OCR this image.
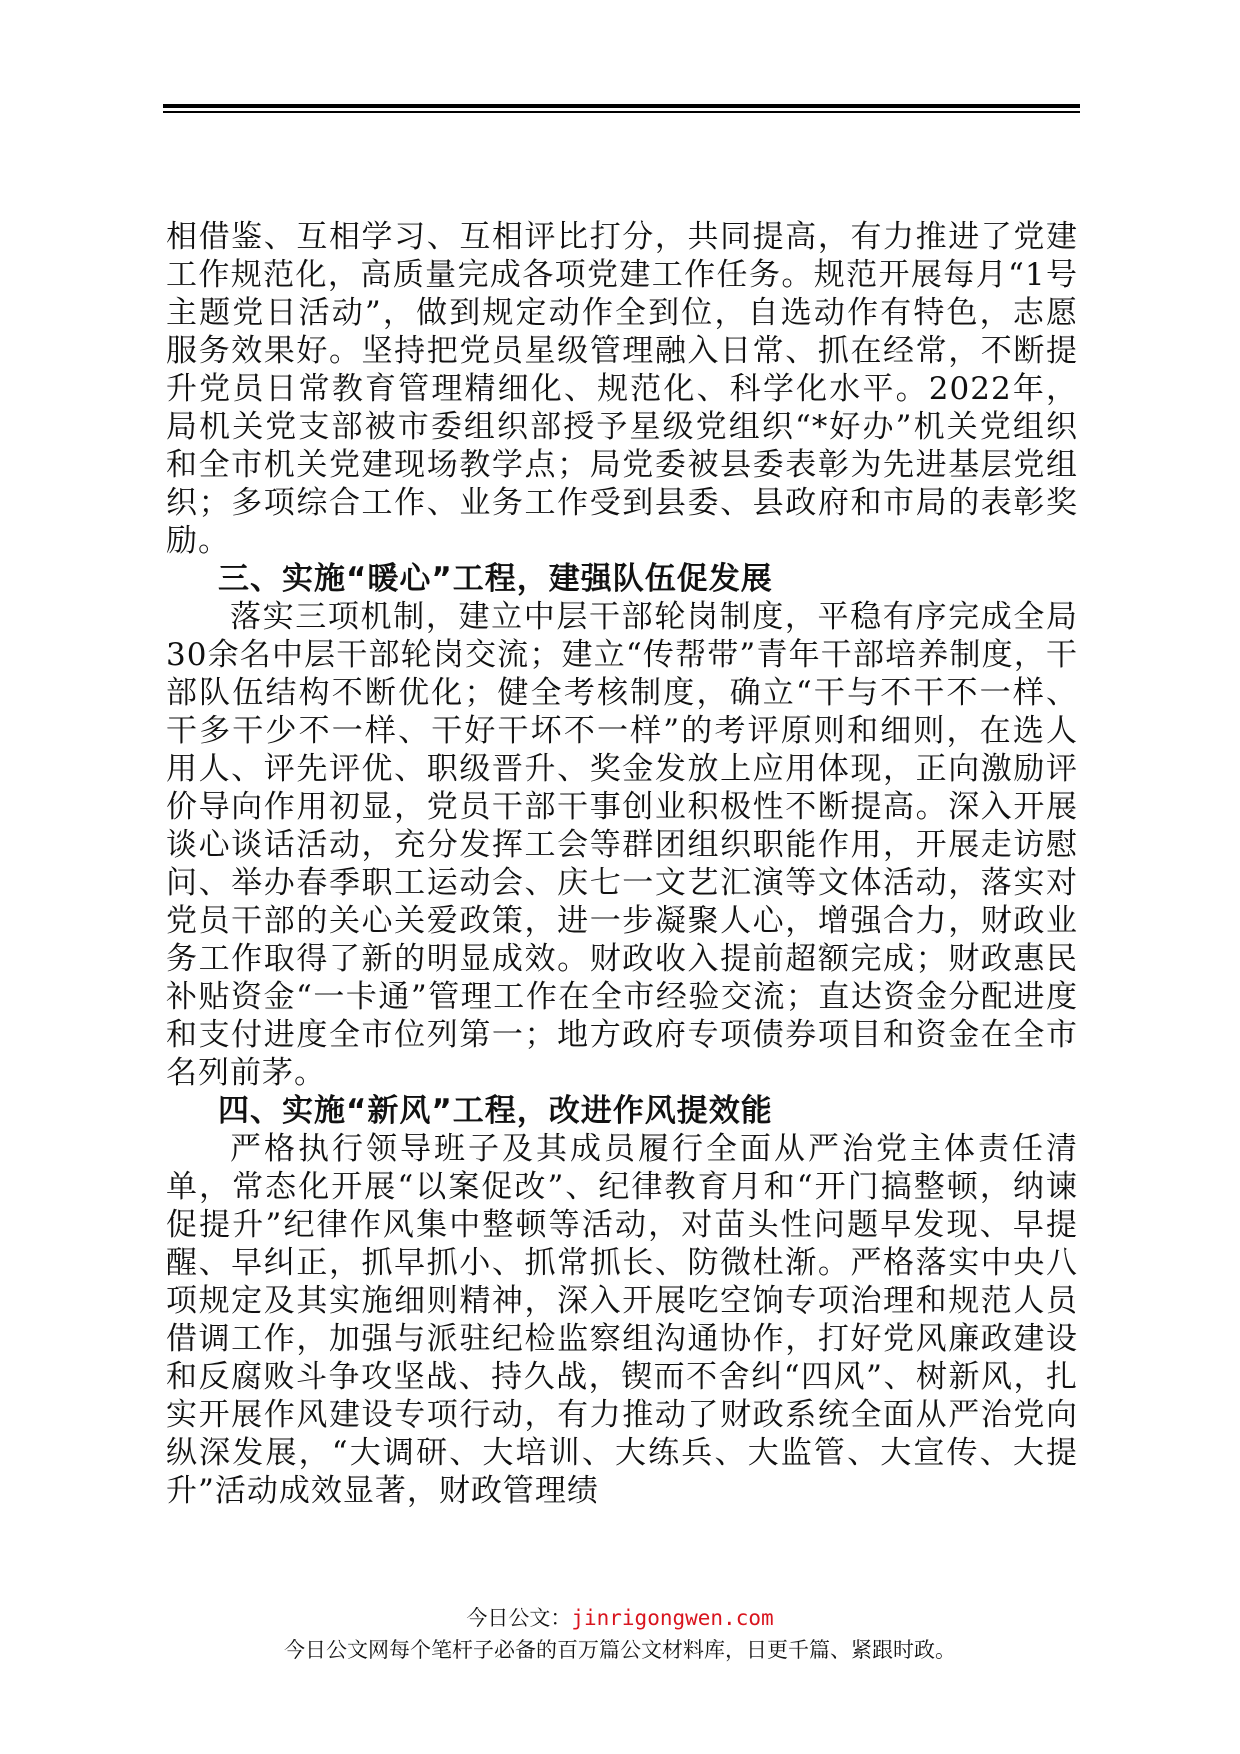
相借鉴、互相学习、互相评比打分，共同提高，有力推进了党建工作规范化，高质量完成各项党建工作任务。规范开展每月“1号主题党日活动”，做到规定动作全到位，自选动作有特色，志愿服务效果好。坚持把党员星级管理融入日常、抓在经常，不断提升党员日常教育管理精细化、规范化、科学化水平。2022年，局机关党支部被市委组织部授予星级党组织“*好办”机关党组织和全市机关党建现场教学点；局党委被县委表彰为先进基层党组织；多项综合工作、业务工作受到县委、县政府和市局的表彰奖励。

三、实施“暖心”工程，建强队伍促发展

落实三项机制，建立中层干部轮岗制度，平稳有序完成全局30余名中层干部轮岗交流；建立“传帮带”青年干部培养制度，干部队伍结构不断优化；健全考核制度，确立“干与不干不一样、干多干少不一样、干好干坏不一样”的考评原则和细则，在选人用人、评先评优、职级晋升、奖金发放上应用体现，正向激励评价导向作用初显，党员干部干事创业积极性不断提高。深入开展谈心谈话活动，充分发挥工会等群团组织职能作用，开展走访慰问、举办春季职工运动会、庆七一文艺汇演等文体活动，落实对党员干部的关心关爱政策，进一步凝聚人心，增强合力，财政业务工作取得了新的明显成效。财政收入提前超额完成；财政惠民补贴资金“一卡通”管理工作在全市经验交流；直达资金分配进度和支付进度全市位列第一；地方政府专项债券项目和资金在全市名列前茅。

四、实施“新风”工程，改进作风提效能

严格执行领导班子及其成员履行全面从严治党主体责任清单，常态化开展“以案促改”、纪律教育月和“开门搞整顿，纳谏促提升”纪律作风集中整顿等活动，对苗头性问题早发现、早提醒、早纠正，抓早抓小、抓常抓长、防微杜渐。严格落实中央八项规定及其实施细则精神，深入开展吃空饷专项治理和规范人员借调工作，加强与派驻纪检监察组沟通协作，打好党风廉政建设和反腐败斗争攻坚战、持久战，锲而不舍纠“四风”、树新风，扎实开展作风建设专项行动，有力推动了财政系统全面从严治党向纵深发展，“大调研、大培训、大练兵、大监管、大宣传、大提升”活动成效显著，财政管理绩

今日公文：jinrigongwen.com
今日公文网每个笔杆子必备的百万篇公文材料库，日更千篇、紧跟时政。
